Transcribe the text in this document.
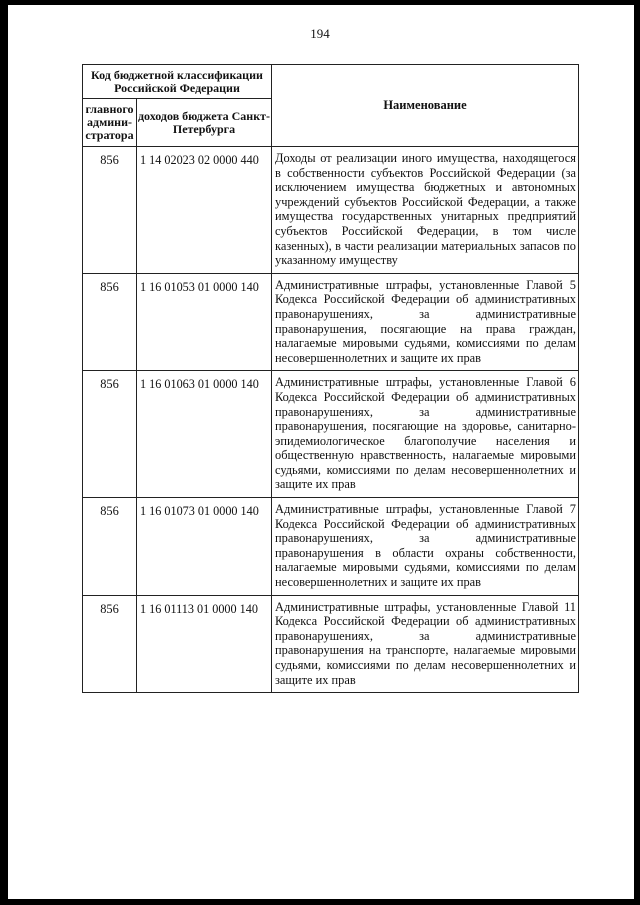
194
Код бюджетной классификации Российской Федерации		Наименование
главного админи-стратора	доходов бюджета Санкт-Петербурга	
856	1 14 02023 02 0000 440	Доходы от реализации иного имущества, находящегося в собственности субъектов Российской Федерации (за исключением имущества бюджетных и автономных учреждений субъектов Российской Федерации, а также имущества государственных унитарных предприятий субъектов Российской Федерации, в том числе казенных), в части реализации материальных запасов по указанному имуществу
856	1 16 01053 01 0000 140	Административные штрафы, установленные Главой 5 Кодекса Российской Федерации об административных правонарушениях, за административные правонарушения, посягающие на права граждан, налагаемые мировыми судьями, комиссиями по делам несовершеннолетних и защите их прав
856	1 16 01063 01 0000 140	Административные штрафы, установленные Главой 6 Кодекса Российской Федерации об административных правонарушениях, за административные правонарушения, посягающие на здоровье, санитарно-эпидемиологическое благополучие населения и общественную нравственность, налагаемые мировыми судьями, комиссиями по делам несовершеннолетних и защите их прав
856	1 16 01073 01 0000 140	Административные штрафы, установленные Главой 7 Кодекса Российской Федерации об административных правонарушениях, за административные правонарушения в области охраны собственности, налагаемые мировыми судьями, комиссиями по делам несовершеннолетних и защите их прав
856	1 16 01113 01 0000 140	Административные штрафы, установленные Главой 11 Кодекса Российской Федерации об административных правонарушениях, за административные правонарушения на транспорте, налагаемые мировыми судьями, комиссиями по делам несовершеннолетних и защите их прав
